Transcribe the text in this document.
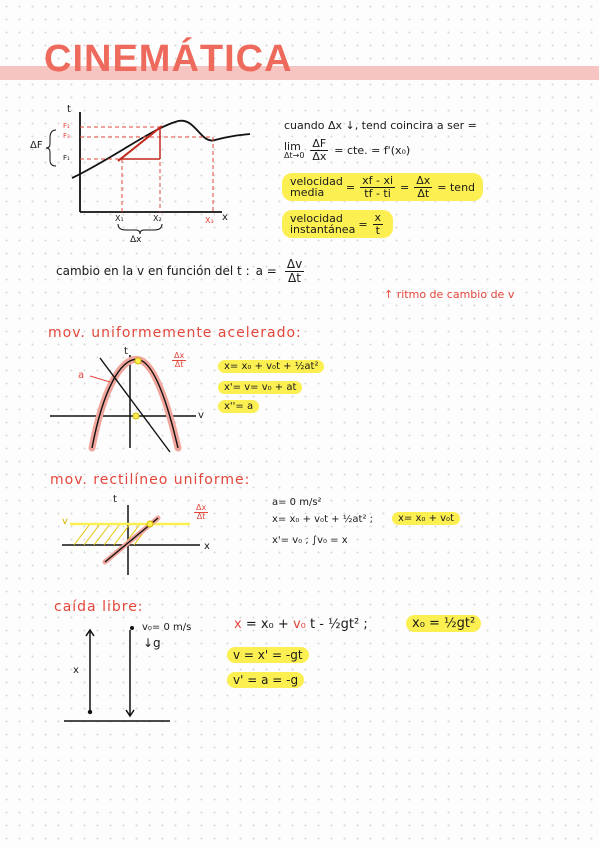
CINEMÁTICA
t
x
F₂
F₃
F₁
ΔF
X₁	X₂	X₃
Δx
cuando Δx ↓, tend coincira a ser =
lim
$\Delta t\to 0 \frac{\Delta F}{\Delta x}$ = cte. = f'(x₀)
velocidad
media	= $\frac{xf - xi}{tf - ti} = \frac{\Delta x}{\Delta t}$ = tend
velocidad
instantánea = $\frac{x}{t}$
cambio en la v en función del t : $a = \frac{\Delta v}{\Delta t}$
↑ ritmo de cambio de v
mov. uniformemente acelerado:
t
v
a
$\frac{\Delta x}{\Delta t}$	x= x₀ + v₀t + ½at²
x'= v= v₀ + at
x''= a
mov. rectilíneo uniforme:
t
v
x
$\frac{\Delta x}{\Delta t}$
a= 0 m/s²
x= x₀ + v₀t + ½at² ;	x= x₀ + v₀t
x'= v₀ ; ∫v₀ = x
caída libre:
v₀= 0 m/s
↓g
x
x = x₀ + v₀ t - ½gt² ;	x₀ = ½gt²
v = x' = -gt
v' = a = -g
